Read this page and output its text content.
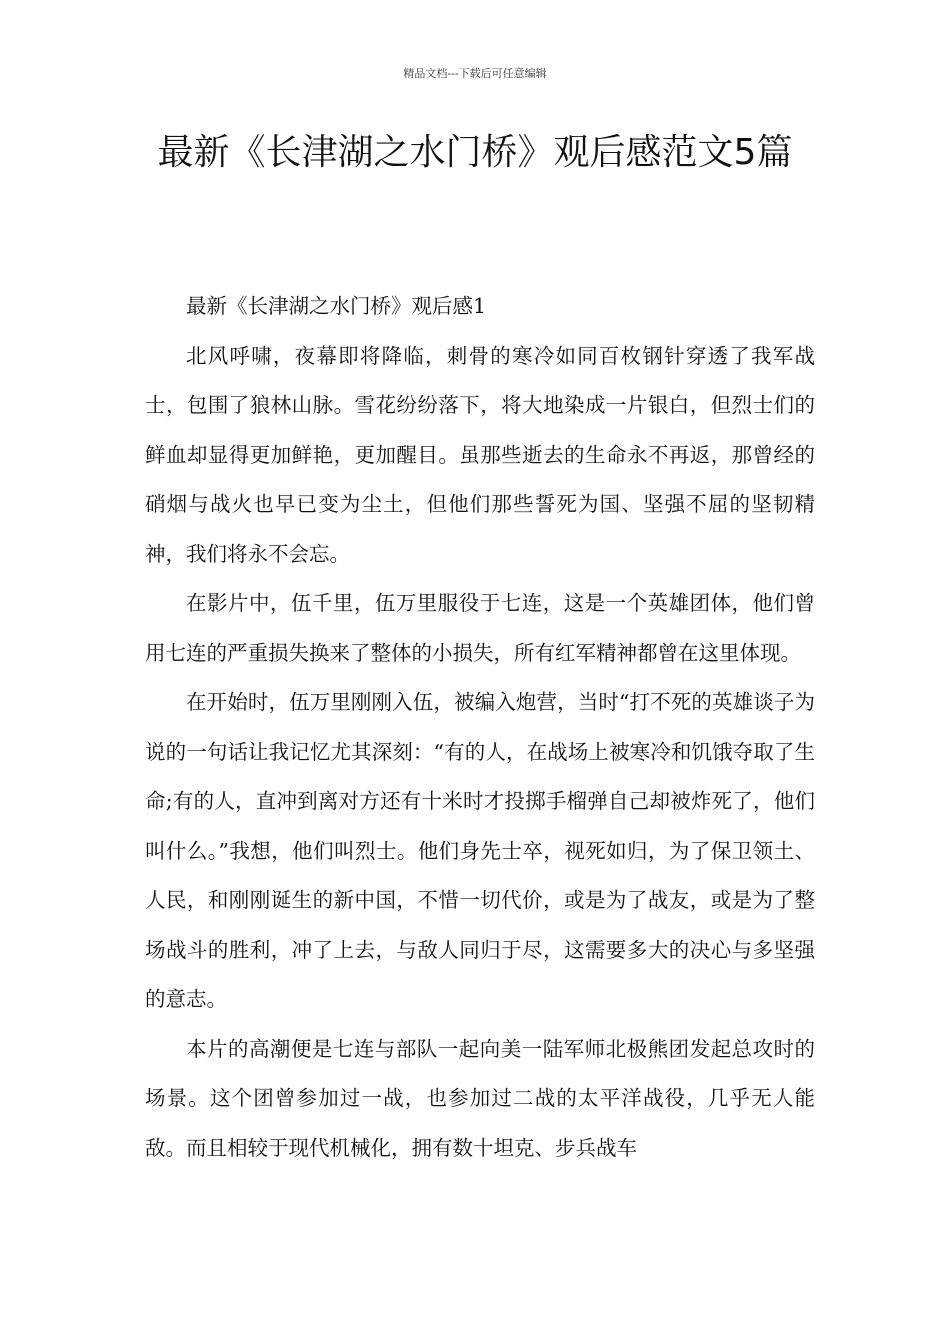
精品文档---下载后可任意编辑
最新《长津湖之水门桥》观后感范文5篇

最新《长津湖之水门桥》观后感1

北风呼啸，夜幕即将降临，刺骨的寒冷如同百枚钢针穿透了我军战士，包围了狼林山脉。雪花纷纷落下，将大地染成一片银白，但烈士们的鲜血却显得更加鲜艳，更加醒目。虽那些逝去的生命永不再返，那曾经的硝烟与战火也早已变为尘土，但他们那些誓死为国、坚强不屈的坚韧精神，我们将永不会忘。

在影片中，伍千里，伍万里服役于七连，这是一个英雄团体，他们曾用七连的严重损失换来了整体的小损失，所有红军精神都曾在这里体现。

在开始时，伍万里刚刚入伍，被编入炮营，当时“打不死的英雄谈子为说的一句话让我记忆尤其深刻：“有的人，在战场上被寒冷和饥饿夺取了生命;有的人，直冲到离对方还有十米时才投掷手榴弹自己却被炸死了，他们叫什么。”我想，他们叫烈士。他们身先士卒，视死如归，为了保卫领土、人民，和刚刚诞生的新中国，不惜一切代价，或是为了战友，或是为了整场战斗的胜利，冲了上去，与敌人同归于尽，这需要多大的决心与多坚强的意志。

本片的高潮便是七连与部队一起向美一陆军师北极熊团发起总攻时的场景。这个团曾参加过一战，也参加过二战的太平洋战役，几乎无人能敌。而且相较于现代机械化，拥有数十坦克、步兵战车
